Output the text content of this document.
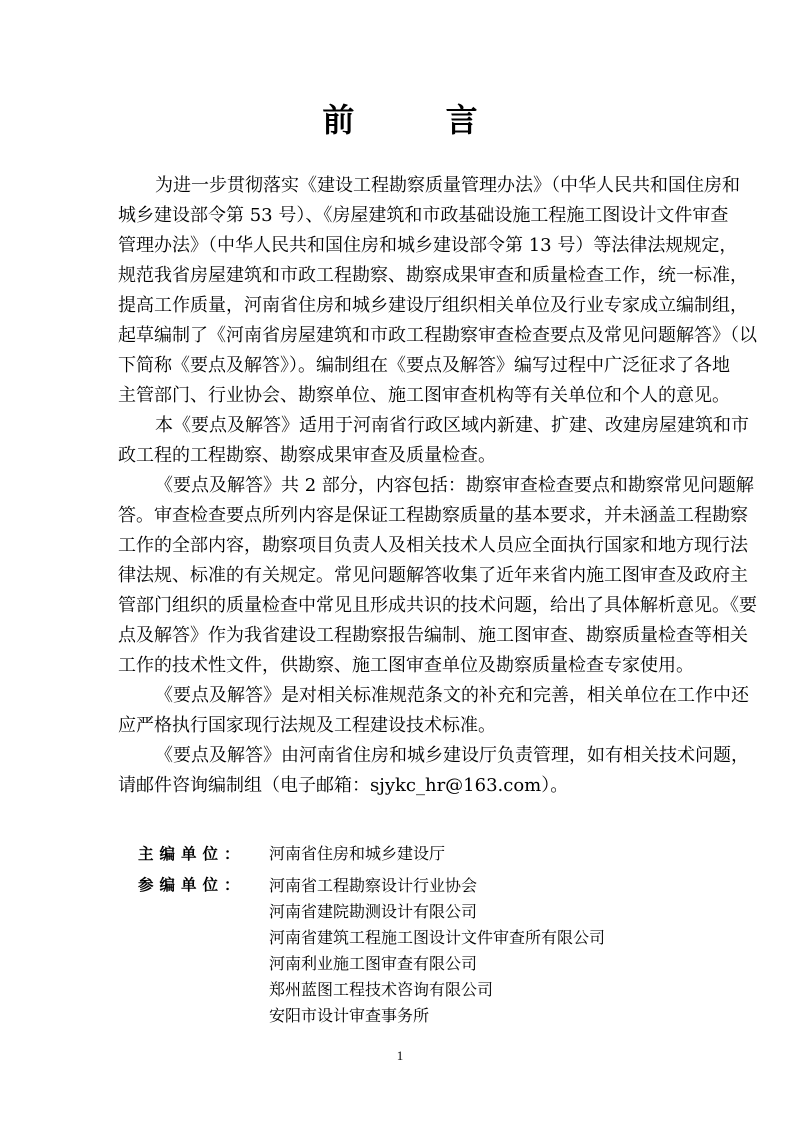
前 言
为进一步贯彻落实《建设工程勘察质量管理办法》（中华人民共和国住房和
城乡建设部令第 53 号）、《房屋建筑和市政基础设施工程施工图设计文件审查
管理办法》（中华人民共和国住房和城乡建设部令第 13 号）等法律法规规定，
规范我省房屋建筑和市政工程勘察、勘察成果审查和质量检查工作，统一标准，
提高工作质量，河南省住房和城乡建设厅组织相关单位及行业专家成立编制组，
起草编制了《河南省房屋建筑和市政工程勘察审查检查要点及常见问题解答》（以
下简称《要点及解答》）。编制组在《要点及解答》编写过程中广泛征求了各地
主管部门、行业协会、勘察单位、施工图审查机构等有关单位和个人的意见。
本《要点及解答》适用于河南省行政区域内新建、扩建、改建房屋建筑和市
政工程的工程勘察、勘察成果审查及质量检查。
《要点及解答》共 2 部分，内容包括：勘察审查检查要点和勘察常见问题解
答。审查检查要点所列内容是保证工程勘察质量的基本要求，并未涵盖工程勘察
工作的全部内容，勘察项目负责人及相关技术人员应全面执行国家和地方现行法
律法规、标准的有关规定。常见问题解答收集了近年来省内施工图审查及政府主
管部门组织的质量检查中常见且形成共识的技术问题，给出了具体解析意见。《要
点及解答》作为我省建设工程勘察报告编制、施工图审查、勘察质量检查等相关
工作的技术性文件，供勘察、施工图审查单位及勘察质量检查专家使用。
《要点及解答》是对相关标准规范条文的补充和完善，相关单位在工作中还
应严格执行国家现行法规及工程建设技术标准。
《要点及解答》由河南省住房和城乡建设厅负责管理，如有相关技术问题，
请邮件咨询编制组（电子邮箱：sjykc_hr@163.com）。
主编单位：	河南省住房和城乡建设厅
参编单位：	河南省工程勘察设计行业协会
河南省建院勘测设计有限公司
河南省建筑工程施工图设计文件审查所有限公司
河南利业施工图审查有限公司
郑州蓝图工程技术咨询有限公司
安阳市设计审查事务所
1
